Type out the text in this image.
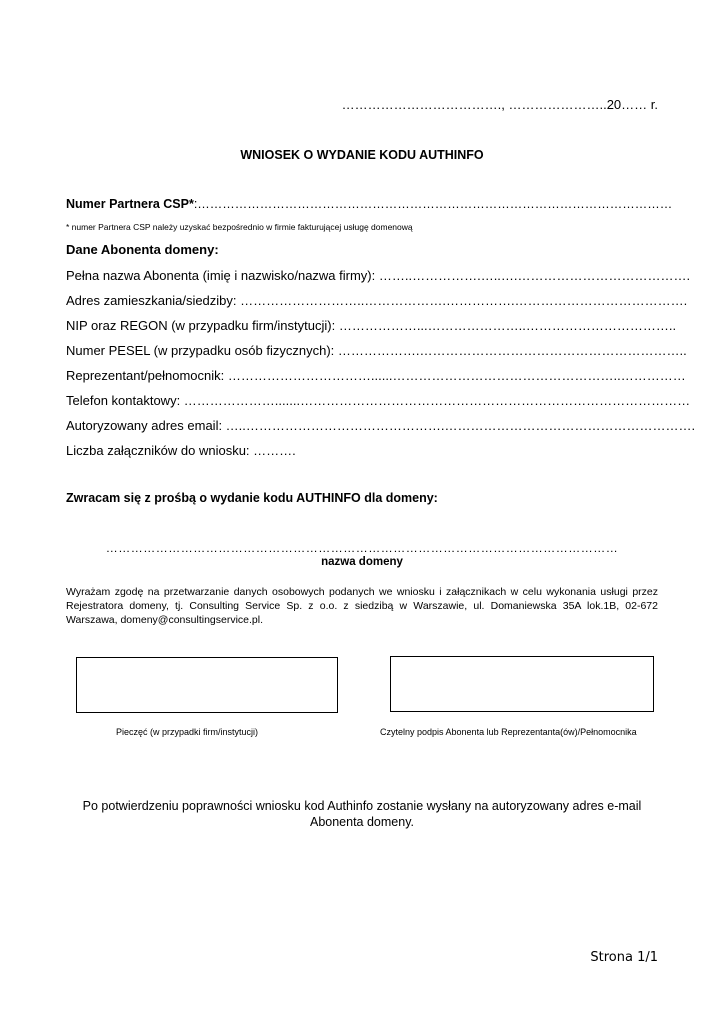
………………………………., …………………..20…… r.
WNIOSEK O WYDANIE KODU AUTHINFO
Numer Partnera CSP*:……………………………………………………………………………………………………
* numer Partnera CSP należy uzyskać bezpośrednio w firmie fakturującej usługę domenową
Dane Abonenta domeny:
Pełna nazwa Abonenta (imię i nazwisko/nazwa firmy): ……..…………….…..….………………………………….
Adres zamieszkania/siedziby: ………………………..……………….…………….………………………………….
NIP oraz REGON (w przypadku firm/instytucji): ………………...…………………..……………………………..
Numer PESEL (w przypadku osób fizycznych): ……………….……………………………………………………..
Reprezentant/pełnomocnik: ……………………………......……………………………………………..……………
Telefon kontaktowy: ………………….......………………………………………………………………………………
Autoryzowany adres email: …..……………………………………….………………………………………………….
Liczba załączników do wniosku: ……….
Zwracam się z prośbą o wydanie kodu AUTHINFO dla domeny:
……………………………………………………………………………………………………………
nazwa domeny
Wyrażam zgodę na przetwarzanie danych osobowych podanych we wniosku i załącznikach w celu wykonania usługi przez Rejestratora domeny, tj. Consulting Service Sp. z o.o. z siedzibą w Warszawie, ul. Domaniewska 35A lok.1B, 02-672 Warszawa, domeny@consultingservice.pl.
Pieczęć (w przypadki firm/instytucji)	Czytelny podpis Abonenta lub Reprezentanta(ów)/Pełnomocnika
Po potwierdzeniu poprawności wniosku kod Authinfo zostanie wysłany na autoryzowany adres e-mail
Abonenta domeny.
Strona 1/1
